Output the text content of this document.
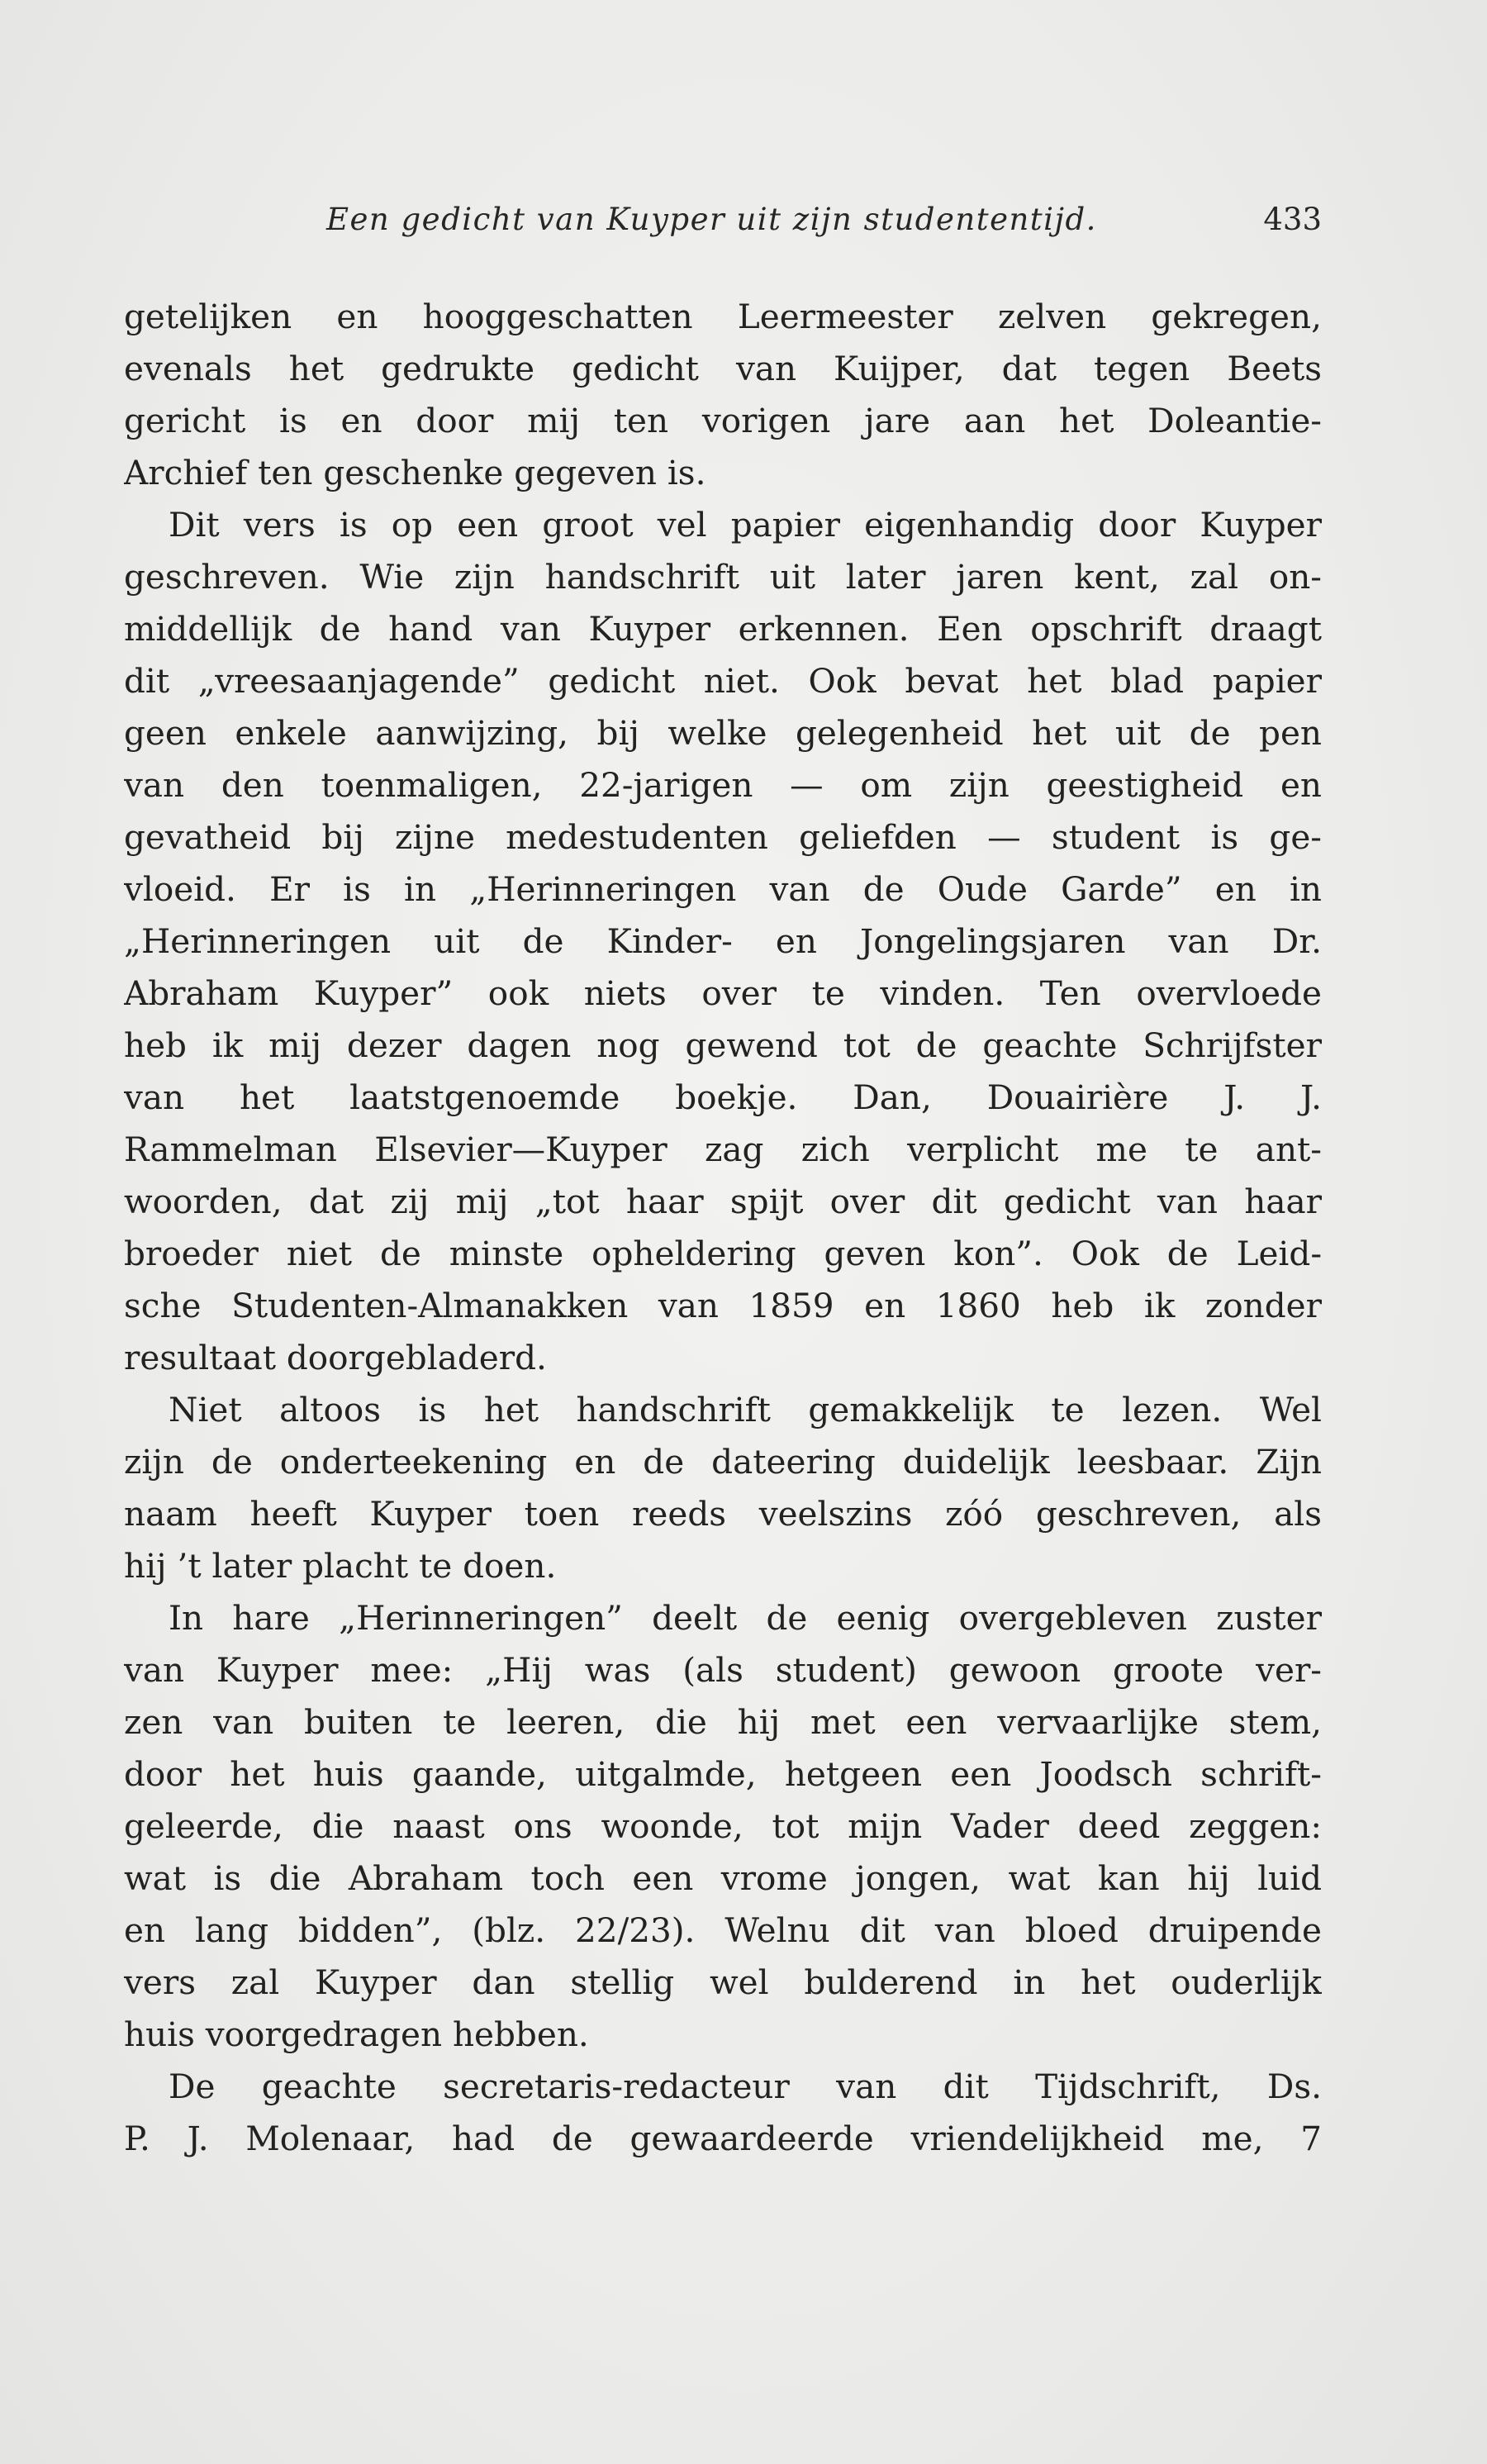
Een gedicht van Kuyper uit zijn studententijd.	433
getelijken en hooggeschatten Leermeester zelven gekregen,
evenals het gedrukte gedicht van Kuijper, dat tegen Beets
gericht is en door mij ten vorigen jare aan het Doleantie-
Archief ten geschenke gegeven is.
Dit vers is op een groot vel papier eigenhandig door Kuyper
geschreven. Wie zijn handschrift uit later jaren kent, zal on-
middellijk de hand van Kuyper erkennen. Een opschrift draagt
dit „vreesaanjagende” gedicht niet. Ook bevat het blad papier
geen enkele aanwijzing, bij welke gelegenheid het uit de pen
van den toenmaligen, 22-jarigen — om zijn geestigheid en
gevatheid bij zijne medestudenten geliefden — student is ge-
vloeid. Er is in „Herinneringen van de Oude Garde” en in
„Herinneringen uit de Kinder- en Jongelingsjaren van Dr.
Abraham Kuyper” ook niets over te vinden. Ten overvloede
heb ik mij dezer dagen nog gewend tot de geachte Schrijfster
van het laatstgenoemde boekje. Dan, Douairière J. J.
Rammelman Elsevier—Kuyper zag zich verplicht me te ant-
woorden, dat zij mij „tot haar spijt over dit gedicht van haar
broeder niet de minste opheldering geven kon”. Ook de Leid-
sche Studenten-Almanakken van 1859 en 1860 heb ik zonder
resultaat doorgebladerd.
Niet altoos is het handschrift gemakkelijk te lezen. Wel
zijn de onderteekening en de dateering duidelijk leesbaar. Zijn
naam heeft Kuyper toen reeds veelszins zóó geschreven, als
hij ’t later placht te doen.
In hare „Herinneringen” deelt de eenig overgebleven zuster
van Kuyper mee: „Hij was (als student) gewoon groote ver-
zen van buiten te leeren, die hij met een vervaarlijke stem,
door het huis gaande, uitgalmde, hetgeen een Joodsch schrift-
geleerde, die naast ons woonde, tot mijn Vader deed zeggen:
wat is die Abraham toch een vrome jongen, wat kan hij luid
en lang bidden”, (blz. 22/23). Welnu dit van bloed druipende
vers zal Kuyper dan stellig wel bulderend in het ouderlijk
huis voorgedragen hebben.
De geachte secretaris-redacteur van dit Tijdschrift, Ds.
P. J. Molenaar, had de gewaardeerde vriendelijkheid me, 7
